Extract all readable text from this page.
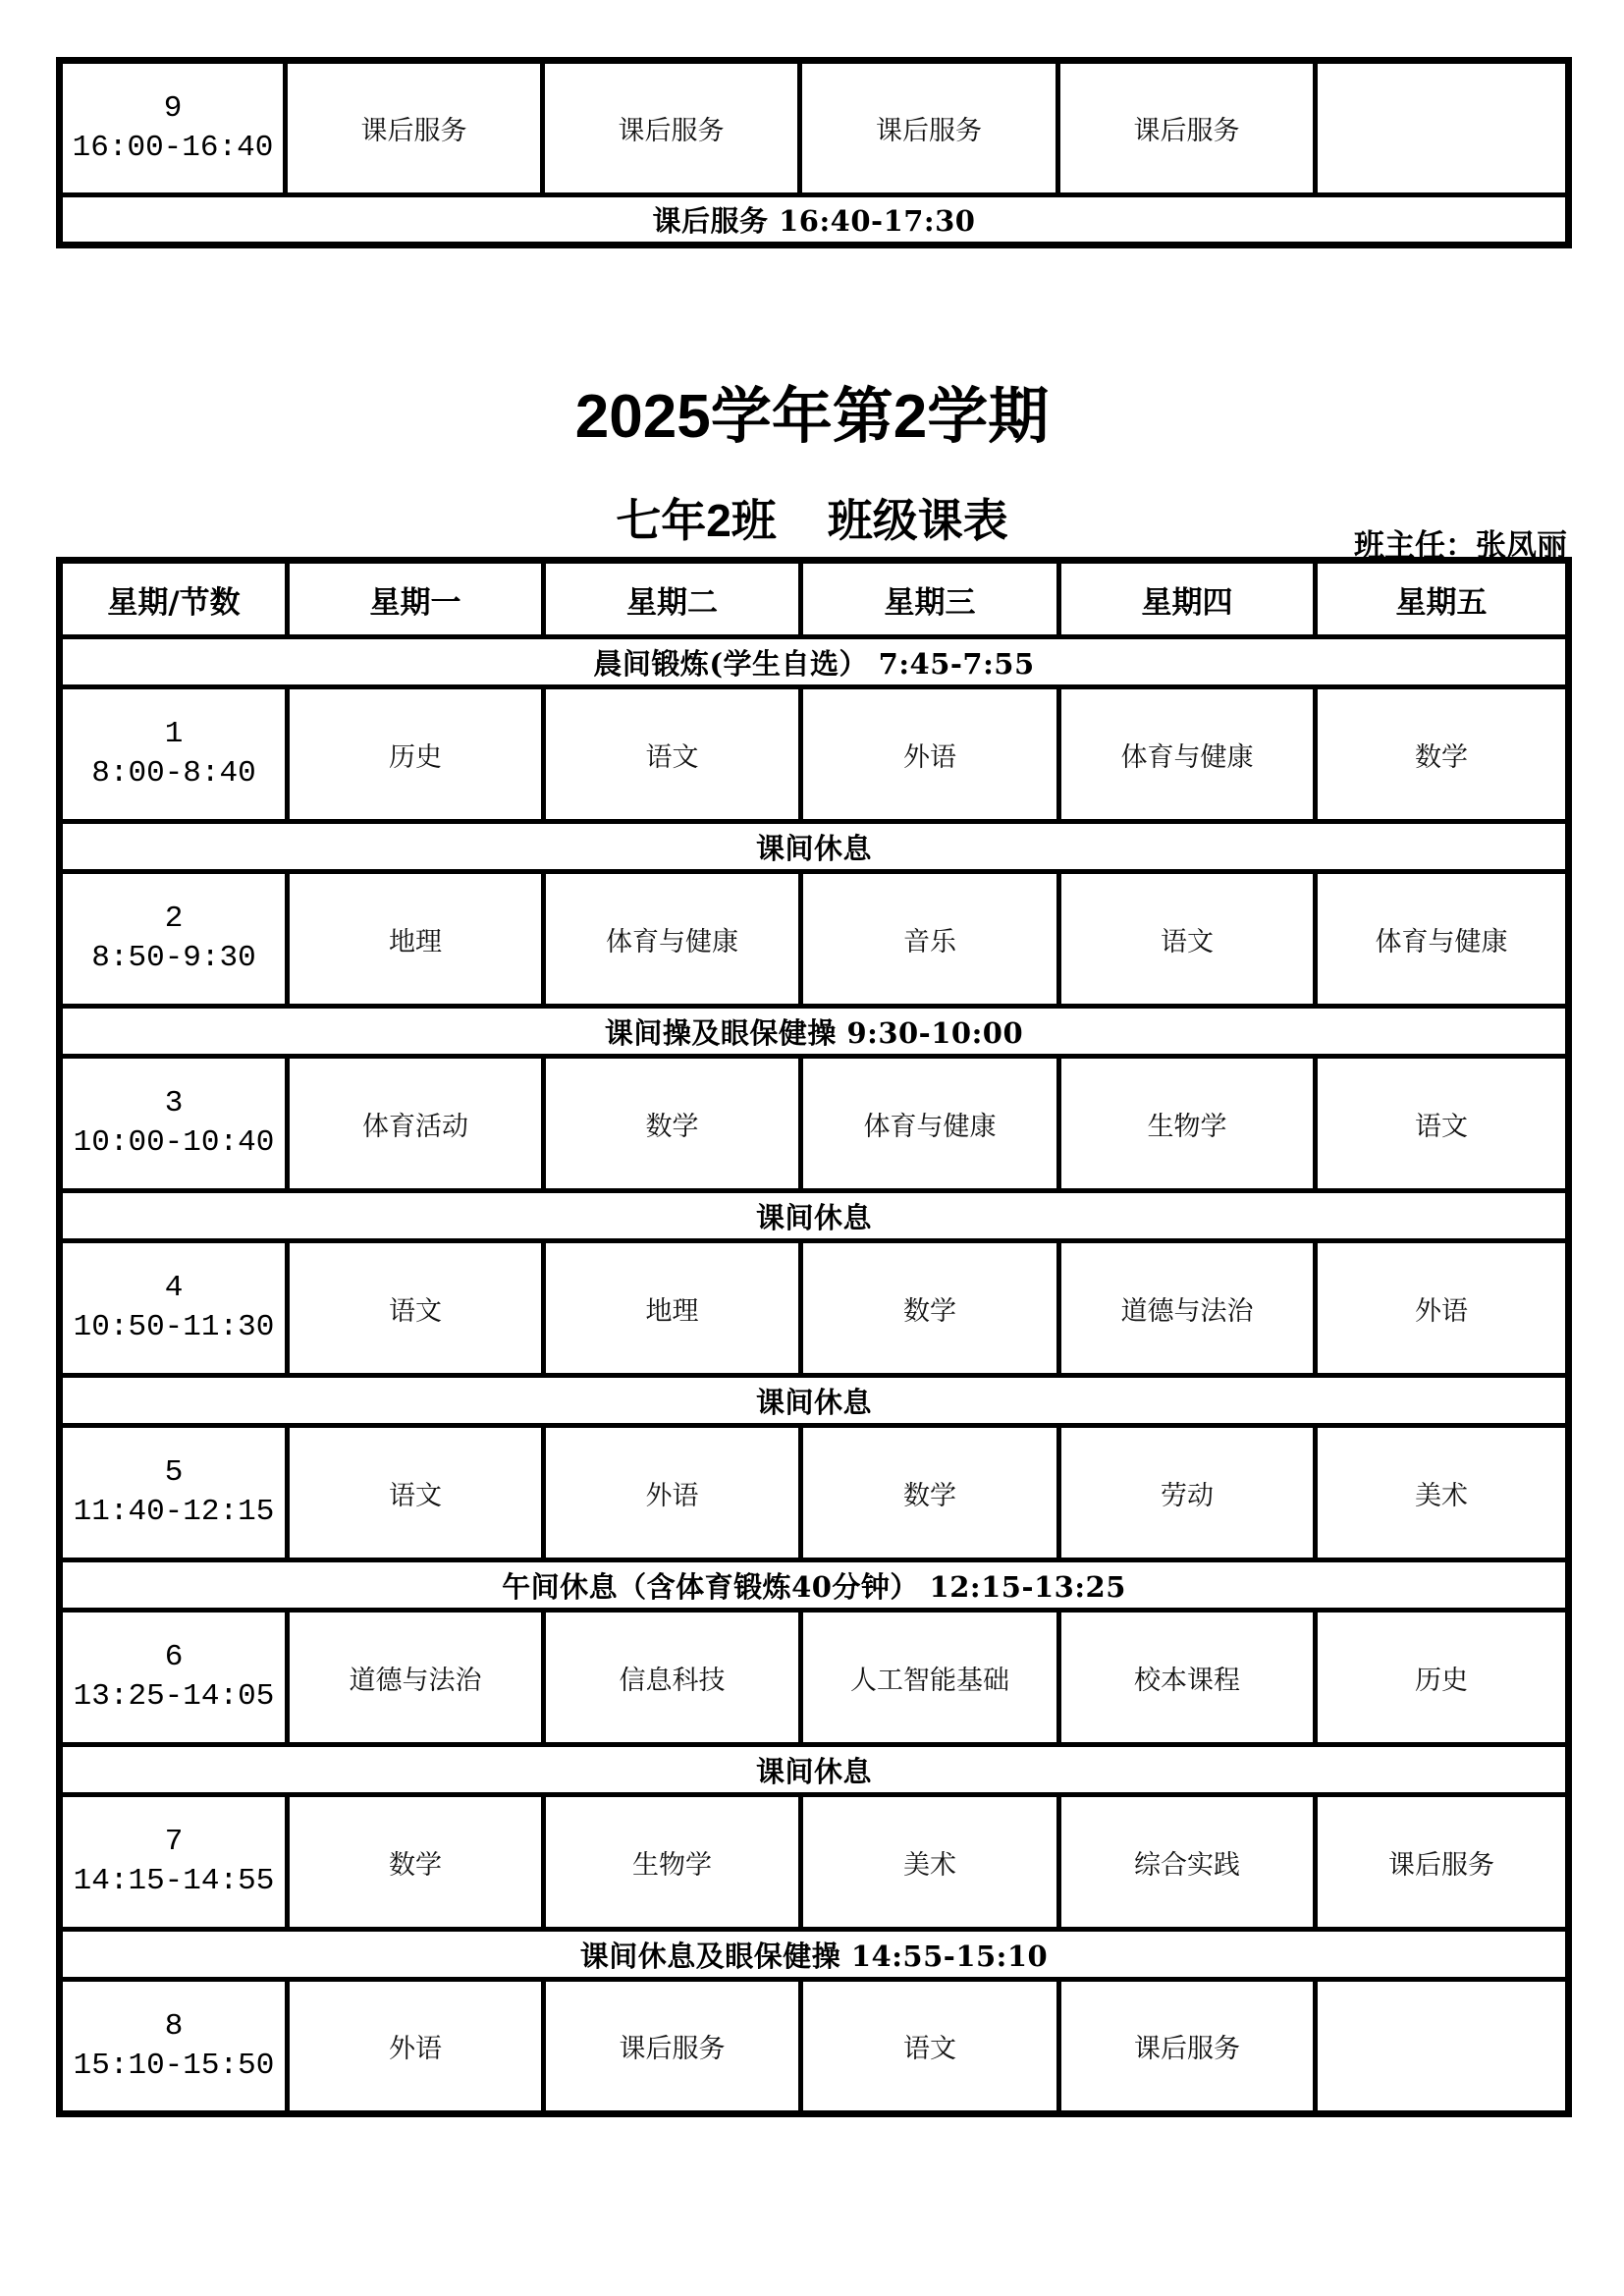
9
16:00-16:40	课后服务	课后服务	课后服务	课后服务	
课后服务 16:40-17:30
2025学年第2学期
七年2班 班级课表	班主任：张凤丽
星期/节数	星期一	星期二	星期三	星期四	星期五
晨间锻炼(学生自选） 7:45-7:55					

1
8:00-8:40	历史	语文	外语	体育与健康	数学
课间休息					

2
8:50-9:30	地理	体育与健康	音乐	语文	体育与健康
课间操及眼保健操 9:30-10:00					

3
10:00-10:40	体育活动	数学	体育与健康	生物学	语文
课间休息					

4
10:50-11:30	语文	地理	数学	道德与法治	外语
课间休息					

5
11:40-12:15	语文	外语	数学	劳动	美术
午间休息（含体育锻炼40分钟） 12:15-13:25					

6
13:25-14:05	道德与法治	信息科技	人工智能基础	校本课程	历史
课间休息					

7
14:15-14:55	数学	生物学	美术	综合实践	课后服务
课间休息及眼保健操 14:55-15:10					

8
15:10-15:50	外语	课后服务	语文	课后服务	
